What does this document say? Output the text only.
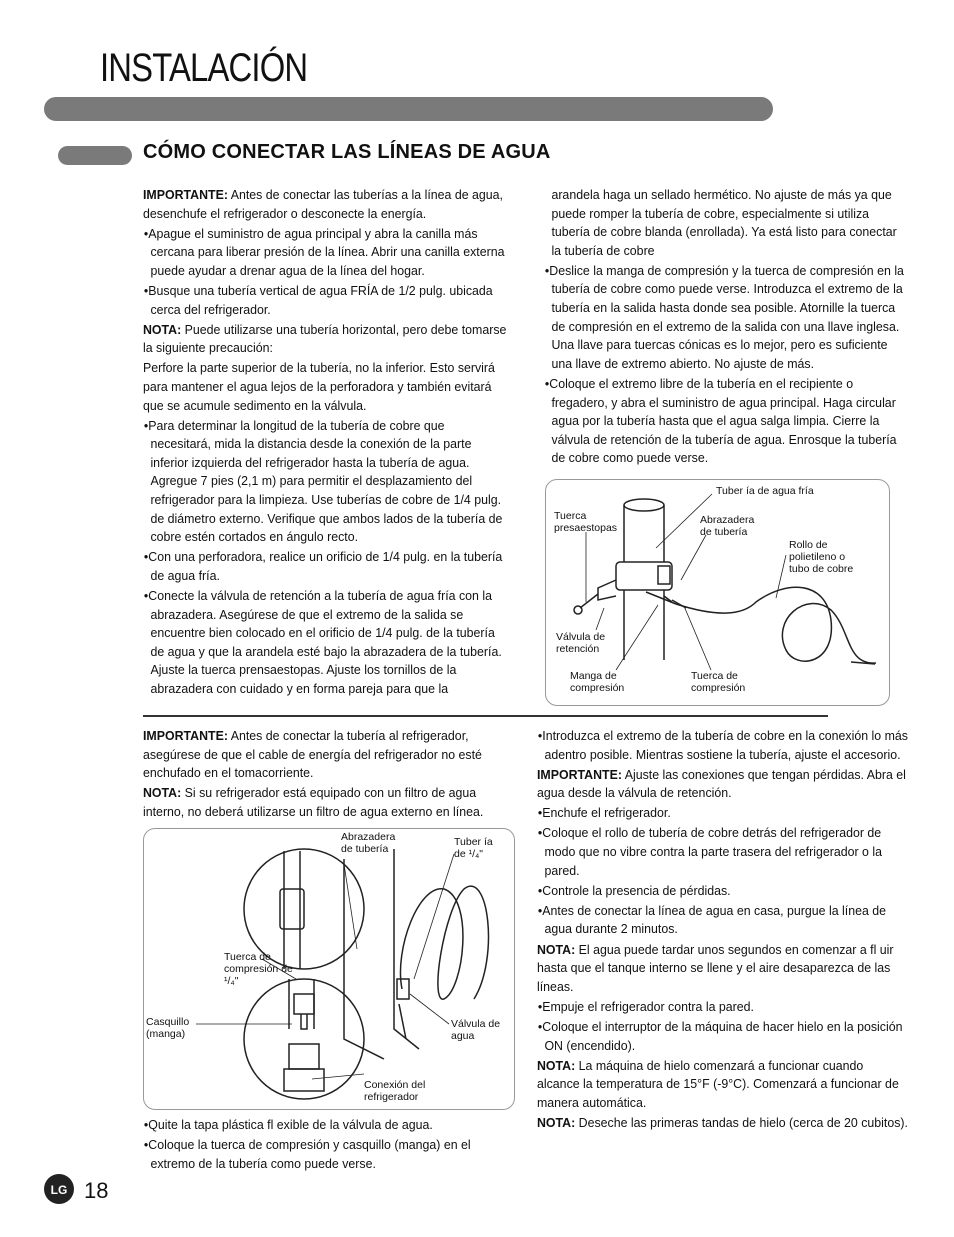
INSTALACIÓN
CÓMO CONECTAR LAS LÍNEAS DE AGUA

IMPORTANTE: Antes de conectar las tuberías a la línea de agua, desenchufe el refrigerador o desconecte la energía.

•Apague el suministro de agua principal y abra la canilla más cercana para liberar presión de la línea. Abrir una canilla externa puede ayudar a drenar agua de la línea del hogar.

•Busque una tubería vertical de agua FRÍA de 1/2 pulg. ubicada cerca del refrigerador.

NOTA: Puede utilizarse una tubería horizontal, pero debe tomarse la siguiente precaución:

Perfore la parte superior de la tubería, no la inferior. Esto servirá para mantener el agua lejos de la perforadora y también evitará que se acumule sedimento en la válvula.

•Para determinar la longitud de la tubería de cobre que necesitará, mida la distancia desde la conexión de la parte inferior izquierda del refrigerador hasta la tubería de agua. Agregue 7 pies (2,1 m) para permitir el desplazamiento del refrigerador para la limpieza. Use tuberías de cobre de 1/4 pulg. de diámetro externo. Verifique que ambos lados de la tubería de cobre estén cortados en ángulo recto.

•Con una perforadora, realice un orificio de 1/4 pulg. en la tubería de agua fría.

•Conecte la válvula de retención a la tubería de agua fría con la abrazadera. Asegúrese de que el extremo de la salida se encuentre bien colocado en el orificio de 1/4 pulg. de la tubería de agua y que la arandela esté bajo la abrazadera de la tubería. Ajuste la tuerca prensaestopas. Ajuste los tornillos de la abrazadera con cuidado y en forma pareja para que la

arandela haga un sellado hermético. No ajuste de más ya que puede romper la tubería de cobre, especialmente si utiliza tubería de cobre blanda (enrollada). Ya está listo para conectar la tubería de cobre

•Deslice la manga de compresión y la tuerca de compresión en la tubería de cobre como puede verse. Introduzca el extremo de la tubería en la salida hasta donde sea posible. Atornille la tuerca de compresión en el extremo de la salida con una llave inglesa. Una llave para tuercas cónicas es lo mejor, pero es suficiente una llave de extremo abierto. No ajuste de más.

•Coloque el extremo libre de la tubería en el recipiente o fregadero, y abra el suministro de agua principal. Haga circular agua por la tubería hasta que el agua salga limpia. Cierre la válvula de retención de la tubería de agua. Enrosque la tubería de cobre como puede verse.

Tuber ía de agua fría
Tuerca
presaestopas
Abrazadera
de tubería
Rollo de
polietileno o
tubo de cobre
Válvula de
retención
Manga de
compresión
Tuerca de
compresión

IMPORTANTE: Antes de conectar la tubería al refrigerador, asegúrese de que el cable de energía del refrigerador no esté enchufado en el tomacorriente.

NOTA: Si su refrigerador está equipado con un filtro de agua interno, no deberá utilizarse un filtro de agua externo en línea.

Abrazadera
de tubería
Tuber ía
de ¹/₄"
Tuerca de
compresión de
¹/₄"
Casquillo
(manga)
Válvula de
agua
Conexión del
refrigerador

•Quite la tapa plástica fl exible de la válvula de agua.

•Coloque la tuerca de compresión y casquillo (manga) en el extremo de la tubería como puede verse.

•Introduzca el extremo de la tubería de cobre en la conexión lo más adentro posible. Mientras sostiene la tubería, ajuste el accesorio.

IMPORTANTE: Ajuste las conexiones que tengan pérdidas. Abra el agua desde la válvula de retención.

•Enchufe el refrigerador.

•Coloque el rollo de tubería de cobre detrás del refrigerador de modo que no vibre contra la parte trasera del refrigerador o la pared.

•Controle la presencia de pérdidas.

•Antes de conectar la línea de agua en casa, purgue la línea de agua durante 2 minutos.

NOTA: El agua puede tardar unos segundos en comenzar a fl uir hasta que el tanque interno se llene y el aire desaparezca de las líneas.

•Empuje el refrigerador contra la pared.

•Coloque el interruptor de la máquina de hacer hielo en la posición ON (encendido).

NOTA: La máquina de hielo comenzará a funcionar cuando alcance la temperatura de 15°F (-9°C). Comenzará a funcionar de manera automática.

NOTA: Deseche las primeras tandas de hielo (cerca de 20 cubitos).

LG 18
